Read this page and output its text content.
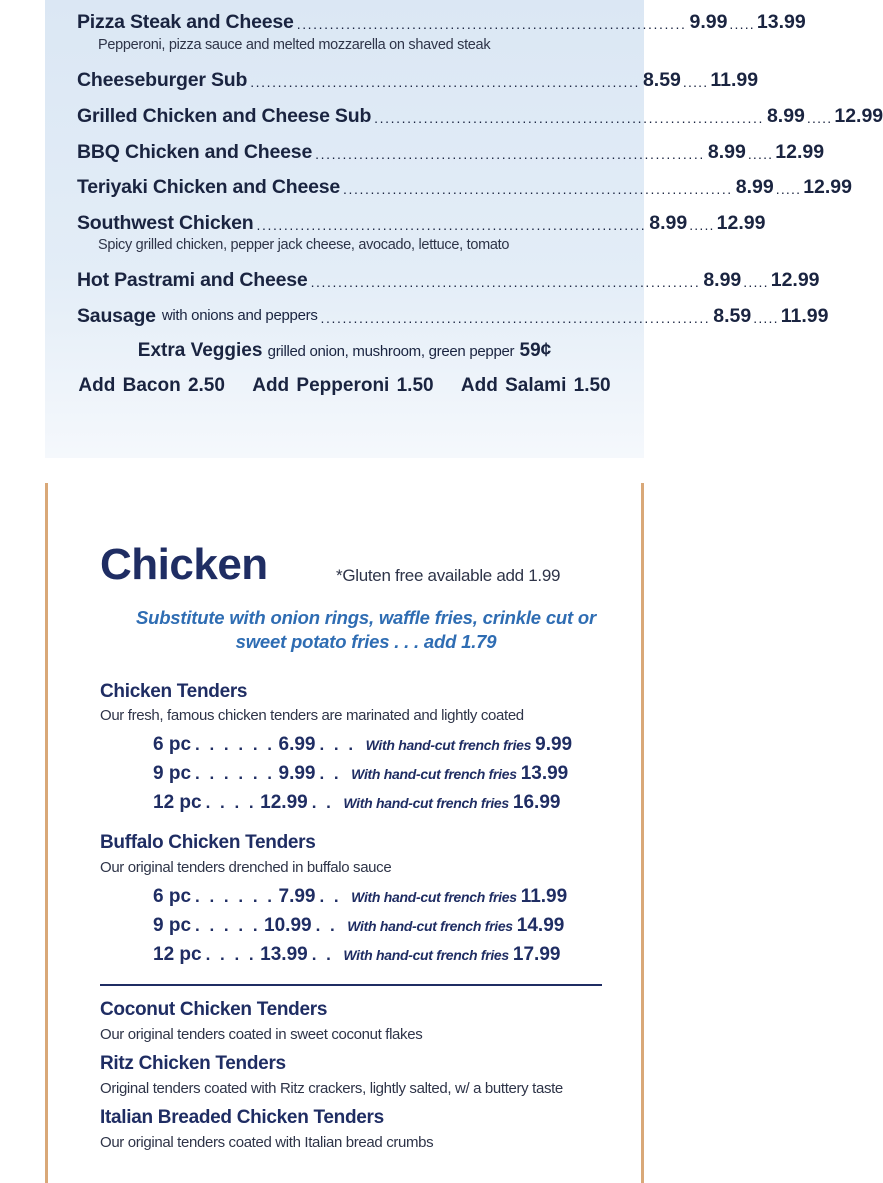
Pizza Steak and Cheese ....................................................................... 9.99 ..... 13.99
Pepperoni, pizza sauce and melted mozzarella on shaved steak
Cheeseburger Sub ....................................................................... 8.59 ..... 11.99
Grilled Chicken and Cheese Sub ....................................................................... 8.99 ..... 12.99
BBQ Chicken and Cheese ....................................................................... 8.99 ..... 12.99
Teriyaki Chicken and Cheese ....................................................................... 8.99 ..... 12.99
Southwest Chicken ....................................................................... 8.99 ..... 12.99
Spicy grilled chicken, pepper jack cheese, avocado, lettuce, tomato
Hot Pastrami and Cheese ....................................................................... 8.99 ..... 12.99
Sausage with onions and peppers ....................................................................... 8.59 ..... 11.99
Extra Veggies grilled onion, mushroom, green pepper 59¢
Add Bacon 2.50 Add Pepperoni 1.50 Add Salami 1.50
Chicken	*Gluten free available add 1.99
Substitute with onion rings, waffle fries, crinkle cut or
sweet potato fries . . . add 1.79
Chicken Tenders
Our fresh, famous chicken tenders are marinated and lightly coated
6 pc . . . . . . 6.99 . . . With hand-cut french fries 9.99
9 pc . . . . . . 9.99 . . With hand-cut french fries 13.99
12 pc . . . . 12.99 . . With hand-cut french fries 16.99
Buffalo Chicken Tenders
Our original tenders drenched in buffalo sauce
6 pc . . . . . . 7.99 . . With hand-cut french fries 11.99
9 pc . . . . . 10.99 . . With hand-cut french fries 14.99
12 pc . . . . 13.99 . . With hand-cut french fries 17.99
Coconut Chicken Tenders
Our original tenders coated in sweet coconut flakes
Ritz Chicken Tenders
Original tenders coated with Ritz crackers, lightly salted, w/ a buttery taste
Italian Breaded Chicken Tenders
Our original tenders coated with Italian bread crumbs
